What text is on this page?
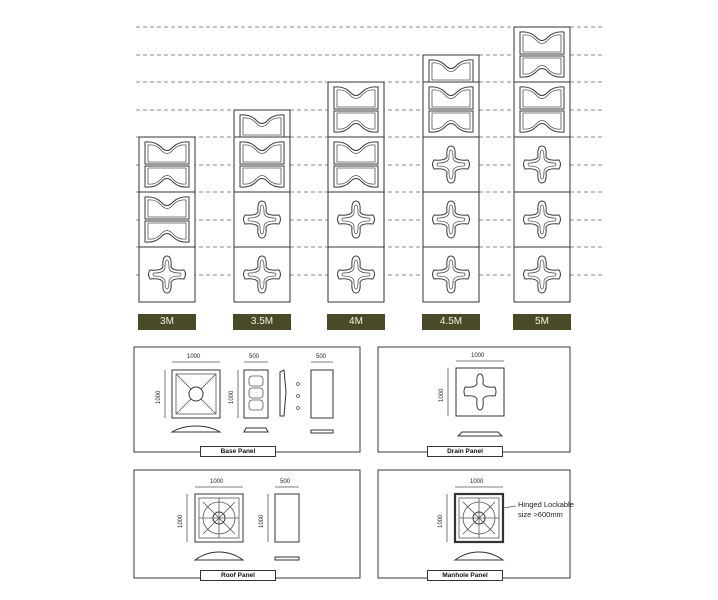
3M	3.5M	4M	4.5M	5M
1000
1000
500
1000
500
Base Panel
1000
1000
Drain Panel
1000
1000
500
1000
Roof Panel
1000
1000
Hinged Lockable
size >600mm
Manhole Panel
